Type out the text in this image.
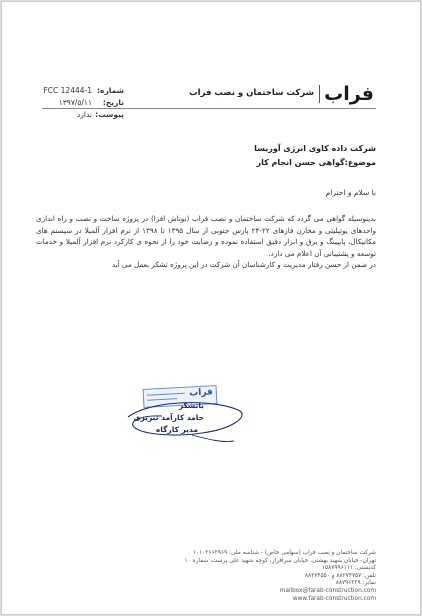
فراب
شرکت ساختمان و نصب فراب
شماره:
FCC 12444-1
تاریخ:
۱۳۹۷/۵/۱۱
پیوست:
ندارد
شرکت داده کاوی انرژی آوریسا
موضوع:گواهی حسن انجام کار
با سلام و احترام

بدینوسیله گواهی می گردد که شرکت ساختمان و نصب فراب (نوتاش افزا) در پروژه ساخت و نصب و راه اندازی واحدهای یوتیلیتی و مخازن فازهای ۲۲-۲۴ پارس جنوبی از سال ۱۳۹۵ تا ۱۳۹۸ از نرم افزار آلمیلا در سیستم های مکانیکال، پایپینگ و برق و ابزار دقیق استفاده نموده و رضایت خود را از نحوه ی کارکرد نرم افزار آلمیلا و خدمات توسعه و پشتیبانی آن اعلام می دارد.

در ضمن از حسن رفتار مدیریت و کارشناسان آن شرکت در این پروژه تشکر بعمل می آید

فراب
باتشکر
حامد کارآمد تبریزی
مدیر کارگاه
شرکت ساختمان و نصب فراب (سهامی خاص) - شناسه ملی: ۱۰۱۰۲۶۶۲۹۶۹
تهران- خیابان شهید بهشتی، خیابان سرافراز، کوچه شهید علی پرست، شماره ۱۰
کدپستی: ۱۵۸۷۹۹۶۱۱۱
تلفن: ۸۸۲۷۴۷۵۷ و ۸۸۲۷۴۵۵۰
نمابر: ۸۸۷۹۶۲۲۹
mailbox@farab-construction.com
www.farab-construction.com
